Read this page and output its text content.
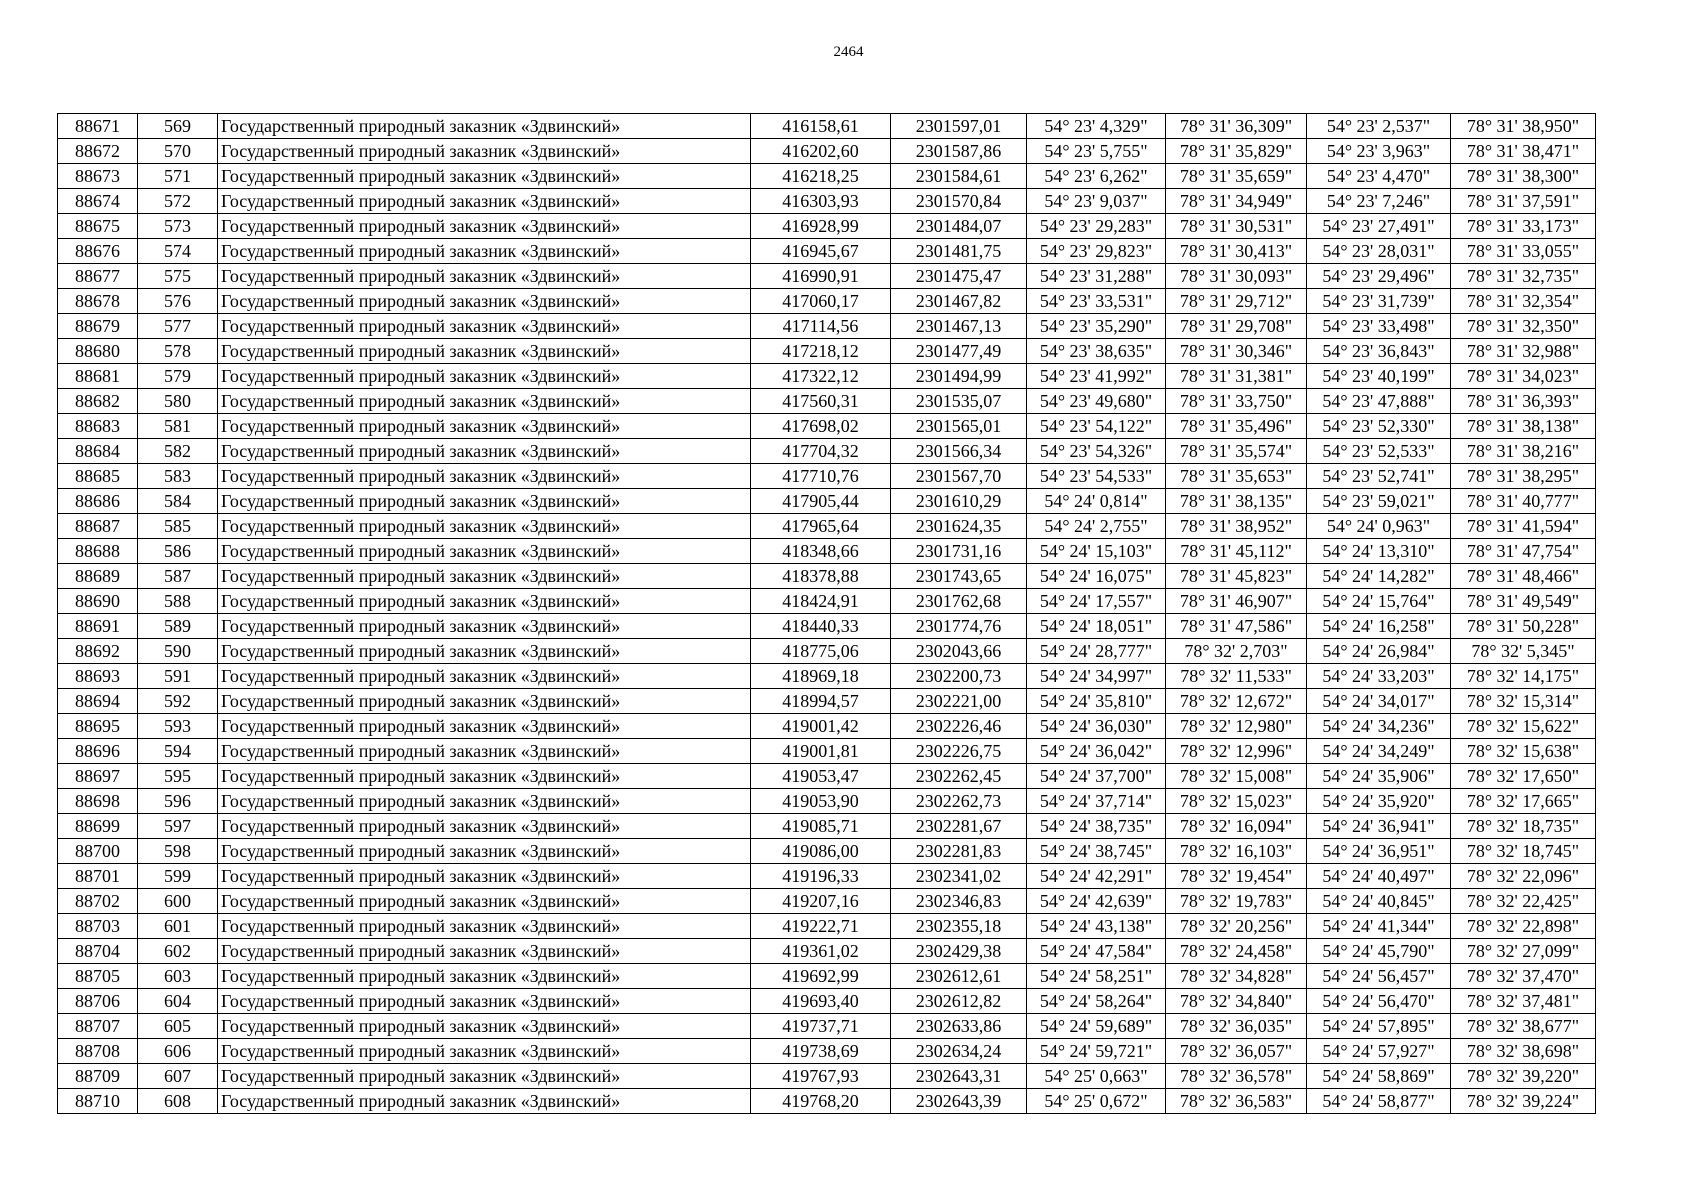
2464
88671	569	Государственный природный заказник «Здвинский»	416158,61	2301597,01	54° 23' 4,329"	78° 31' 36,309"	54° 23' 2,537"	78° 31' 38,950"
88672	570	Государственный природный заказник «Здвинский»	416202,60	2301587,86	54° 23' 5,755"	78° 31' 35,829"	54° 23' 3,963"	78° 31' 38,471"
88673	571	Государственный природный заказник «Здвинский»	416218,25	2301584,61	54° 23' 6,262"	78° 31' 35,659"	54° 23' 4,470"	78° 31' 38,300"
88674	572	Государственный природный заказник «Здвинский»	416303,93	2301570,84	54° 23' 9,037"	78° 31' 34,949"	54° 23' 7,246"	78° 31' 37,591"
88675	573	Государственный природный заказник «Здвинский»	416928,99	2301484,07	54° 23' 29,283"	78° 31' 30,531"	54° 23' 27,491"	78° 31' 33,173"
88676	574	Государственный природный заказник «Здвинский»	416945,67	2301481,75	54° 23' 29,823"	78° 31' 30,413"	54° 23' 28,031"	78° 31' 33,055"
88677	575	Государственный природный заказник «Здвинский»	416990,91	2301475,47	54° 23' 31,288"	78° 31' 30,093"	54° 23' 29,496"	78° 31' 32,735"
88678	576	Государственный природный заказник «Здвинский»	417060,17	2301467,82	54° 23' 33,531"	78° 31' 29,712"	54° 23' 31,739"	78° 31' 32,354"
88679	577	Государственный природный заказник «Здвинский»	417114,56	2301467,13	54° 23' 35,290"	78° 31' 29,708"	54° 23' 33,498"	78° 31' 32,350"
88680	578	Государственный природный заказник «Здвинский»	417218,12	2301477,49	54° 23' 38,635"	78° 31' 30,346"	54° 23' 36,843"	78° 31' 32,988"
88681	579	Государственный природный заказник «Здвинский»	417322,12	2301494,99	54° 23' 41,992"	78° 31' 31,381"	54° 23' 40,199"	78° 31' 34,023"
88682	580	Государственный природный заказник «Здвинский»	417560,31	2301535,07	54° 23' 49,680"	78° 31' 33,750"	54° 23' 47,888"	78° 31' 36,393"
88683	581	Государственный природный заказник «Здвинский»	417698,02	2301565,01	54° 23' 54,122"	78° 31' 35,496"	54° 23' 52,330"	78° 31' 38,138"
88684	582	Государственный природный заказник «Здвинский»	417704,32	2301566,34	54° 23' 54,326"	78° 31' 35,574"	54° 23' 52,533"	78° 31' 38,216"
88685	583	Государственный природный заказник «Здвинский»	417710,76	2301567,70	54° 23' 54,533"	78° 31' 35,653"	54° 23' 52,741"	78° 31' 38,295"
88686	584	Государственный природный заказник «Здвинский»	417905,44	2301610,29	54° 24' 0,814"	78° 31' 38,135"	54° 23' 59,021"	78° 31' 40,777"
88687	585	Государственный природный заказник «Здвинский»	417965,64	2301624,35	54° 24' 2,755"	78° 31' 38,952"	54° 24' 0,963"	78° 31' 41,594"
88688	586	Государственный природный заказник «Здвинский»	418348,66	2301731,16	54° 24' 15,103"	78° 31' 45,112"	54° 24' 13,310"	78° 31' 47,754"
88689	587	Государственный природный заказник «Здвинский»	418378,88	2301743,65	54° 24' 16,075"	78° 31' 45,823"	54° 24' 14,282"	78° 31' 48,466"
88690	588	Государственный природный заказник «Здвинский»	418424,91	2301762,68	54° 24' 17,557"	78° 31' 46,907"	54° 24' 15,764"	78° 31' 49,549"
88691	589	Государственный природный заказник «Здвинский»	418440,33	2301774,76	54° 24' 18,051"	78° 31' 47,586"	54° 24' 16,258"	78° 31' 50,228"
88692	590	Государственный природный заказник «Здвинский»	418775,06	2302043,66	54° 24' 28,777"	78° 32' 2,703"	54° 24' 26,984"	78° 32' 5,345"
88693	591	Государственный природный заказник «Здвинский»	418969,18	2302200,73	54° 24' 34,997"	78° 32' 11,533"	54° 24' 33,203"	78° 32' 14,175"
88694	592	Государственный природный заказник «Здвинский»	418994,57	2302221,00	54° 24' 35,810"	78° 32' 12,672"	54° 24' 34,017"	78° 32' 15,314"
88695	593	Государственный природный заказник «Здвинский»	419001,42	2302226,46	54° 24' 36,030"	78° 32' 12,980"	54° 24' 34,236"	78° 32' 15,622"
88696	594	Государственный природный заказник «Здвинский»	419001,81	2302226,75	54° 24' 36,042"	78° 32' 12,996"	54° 24' 34,249"	78° 32' 15,638"
88697	595	Государственный природный заказник «Здвинский»	419053,47	2302262,45	54° 24' 37,700"	78° 32' 15,008"	54° 24' 35,906"	78° 32' 17,650"
88698	596	Государственный природный заказник «Здвинский»	419053,90	2302262,73	54° 24' 37,714"	78° 32' 15,023"	54° 24' 35,920"	78° 32' 17,665"
88699	597	Государственный природный заказник «Здвинский»	419085,71	2302281,67	54° 24' 38,735"	78° 32' 16,094"	54° 24' 36,941"	78° 32' 18,735"
88700	598	Государственный природный заказник «Здвинский»	419086,00	2302281,83	54° 24' 38,745"	78° 32' 16,103"	54° 24' 36,951"	78° 32' 18,745"
88701	599	Государственный природный заказник «Здвинский»	419196,33	2302341,02	54° 24' 42,291"	78° 32' 19,454"	54° 24' 40,497"	78° 32' 22,096"
88702	600	Государственный природный заказник «Здвинский»	419207,16	2302346,83	54° 24' 42,639"	78° 32' 19,783"	54° 24' 40,845"	78° 32' 22,425"
88703	601	Государственный природный заказник «Здвинский»	419222,71	2302355,18	54° 24' 43,138"	78° 32' 20,256"	54° 24' 41,344"	78° 32' 22,898"
88704	602	Государственный природный заказник «Здвинский»	419361,02	2302429,38	54° 24' 47,584"	78° 32' 24,458"	54° 24' 45,790"	78° 32' 27,099"
88705	603	Государственный природный заказник «Здвинский»	419692,99	2302612,61	54° 24' 58,251"	78° 32' 34,828"	54° 24' 56,457"	78° 32' 37,470"
88706	604	Государственный природный заказник «Здвинский»	419693,40	2302612,82	54° 24' 58,264"	78° 32' 34,840"	54° 24' 56,470"	78° 32' 37,481"
88707	605	Государственный природный заказник «Здвинский»	419737,71	2302633,86	54° 24' 59,689"	78° 32' 36,035"	54° 24' 57,895"	78° 32' 38,677"
88708	606	Государственный природный заказник «Здвинский»	419738,69	2302634,24	54° 24' 59,721"	78° 32' 36,057"	54° 24' 57,927"	78° 32' 38,698"
88709	607	Государственный природный заказник «Здвинский»	419767,93	2302643,31	54° 25' 0,663"	78° 32' 36,578"	54° 24' 58,869"	78° 32' 39,220"
88710	608	Государственный природный заказник «Здвинский»	419768,20	2302643,39	54° 25' 0,672"	78° 32' 36,583"	54° 24' 58,877"	78° 32' 39,224"
